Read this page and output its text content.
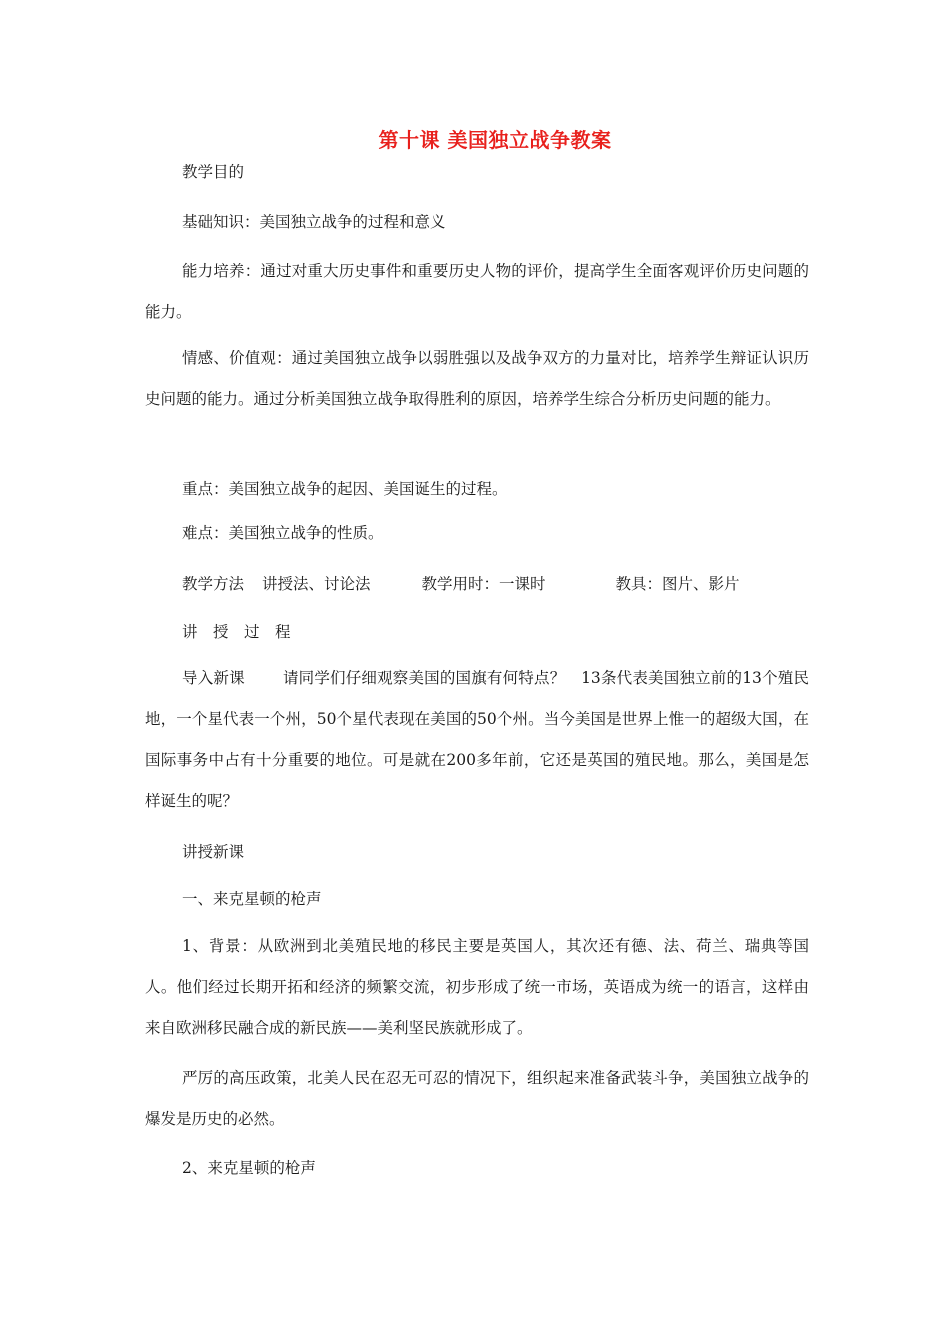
第十课 美国独立战争教案
教学目的
基础知识：美国独立战争的过程和意义
能力培养：通过对重大历史事件和重要历史人物的评价，提高学生全面客观评价历史问题的能力。
情感、价值观：通过美国独立战争以弱胜强以及战争双方的力量对比，培养学生辩证认识历史问题的能力。通过分析美国独立战争取得胜利的原因，培养学生综合分析历史问题的能力。
重点：美国独立战争的起因、美国诞生的过程。
难点：美国独立战争的性质。
教学方法 讲授法、讨论法	教学用时：一课时	教具：图片、影片
讲　授　过　程
导入新课 请同学们仔细观察美国的国旗有何特点？　13条代表美国独立前的13个殖民地，一个星代表一个州，50个星代表现在美国的50个州。当今美国是世界上惟一的超级大国，在国际事务中占有十分重要的地位。可是就在200多年前，它还是英国的殖民地。那么，美国是怎样诞生的呢？
讲授新课
一、来克星顿的枪声
1、背景：从欧洲到北美殖民地的移民主要是英国人，其次还有德、法、荷兰、瑞典等国人。他们经过长期开拓和经济的频繁交流，初步形成了统一市场，英语成为统一的语言，这样由来自欧洲移民融合成的新民族——美利坚民族就形成了。
严厉的高压政策，北美人民在忍无可忍的情况下，组织起来准备武装斗争，美国独立战争的爆发是历史的必然。
2、来克星顿的枪声
